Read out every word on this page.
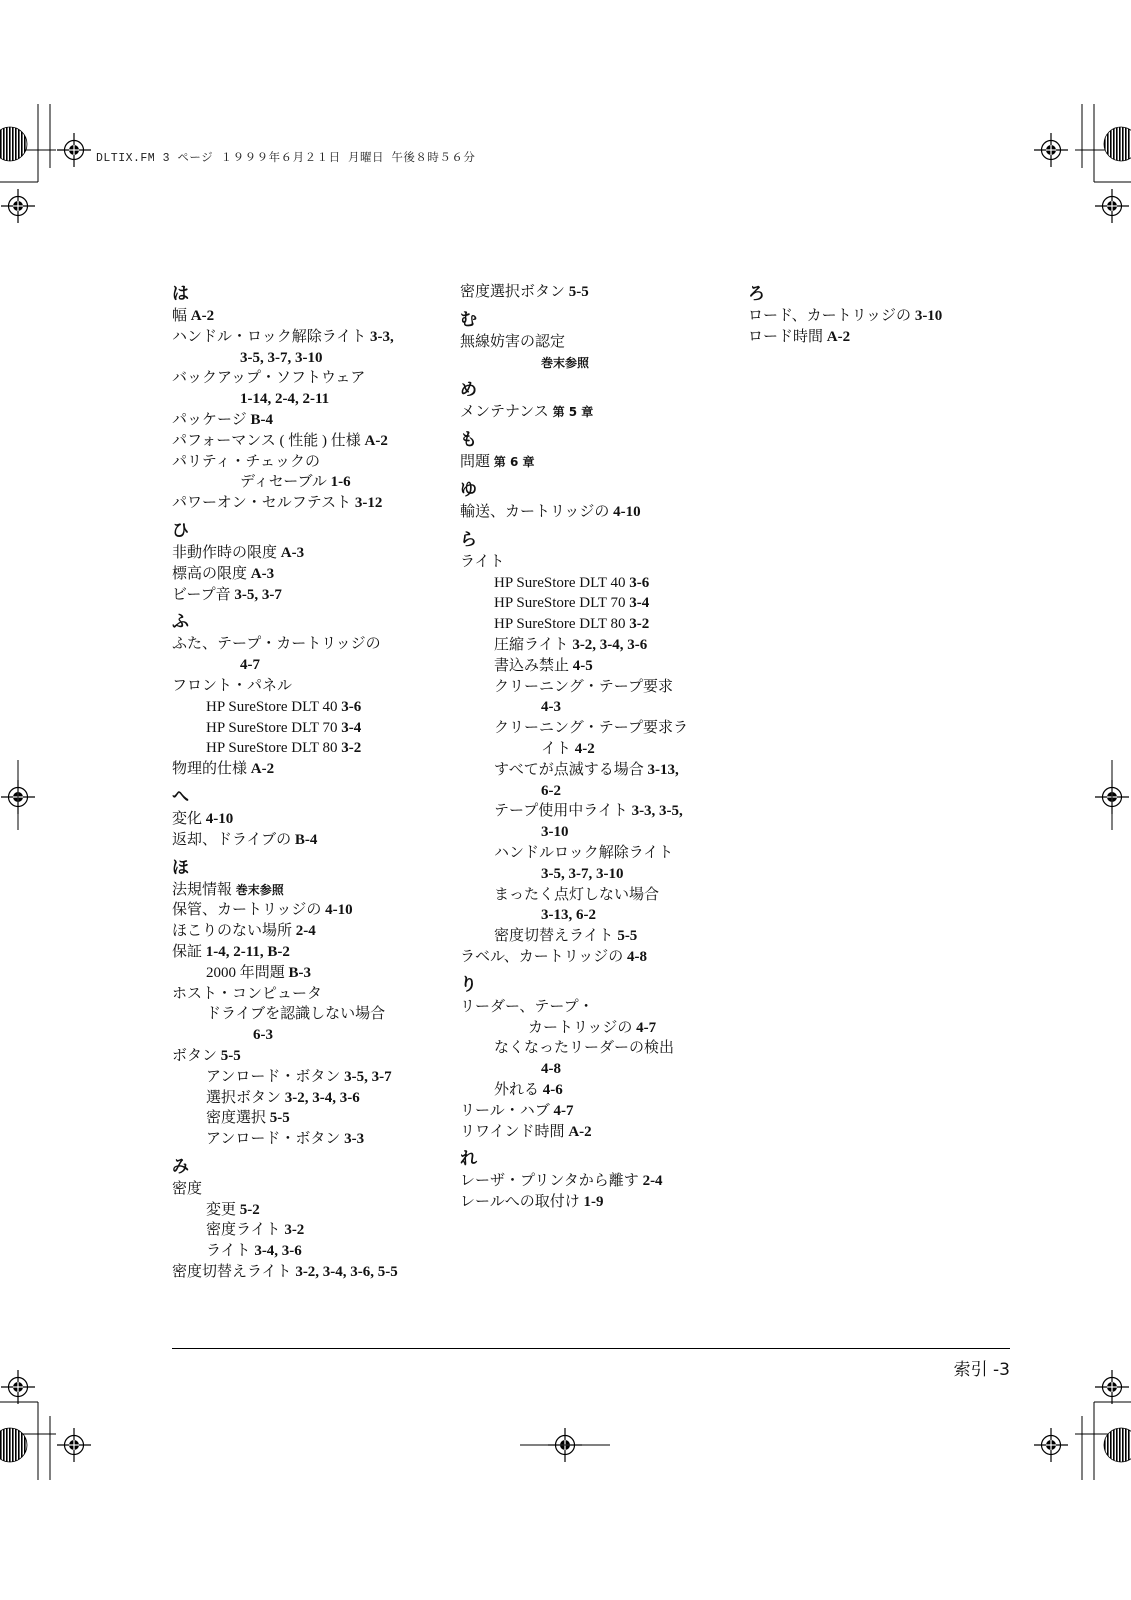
DLTIX.FM 3 ページ １９９９年６月２１日 月曜日 午後８時５６分
は
幅 A-2
ハンドル・ロック解除ライト 3-3,
3-5, 3-7, 3-10
バックアップ・ソフトウェア
1-14, 2-4, 2-11
パッケージ B-4
パフォーマンス ( 性能 ) 仕様 A-2
パリティ・チェックの
ディセーブル 1-6
パワーオン・セルフテスト 3-12
ひ
非動作時の限度 A-3
標高の限度 A-3
ビープ音 3-5, 3-7
ふ
ふた、テープ・カートリッジの
4-7
フロント・パネル
HP SureStore DLT 40 3-6
HP SureStore DLT 70 3-4
HP SureStore DLT 80 3-2
物理的仕様 A-2
へ
変化 4-10
返却、ドライブの B-4
ほ
法規情報 巻末参照
保管、カートリッジの 4-10
ほこりのない場所 2-4
保証 1-4, 2-11, B-2
2000 年問題 B-3
ホスト・コンピュータ
ドライブを認識しない場合
6-3
ボタン 5-5
アンロード・ボタン 3-5, 3-7
選択ボタン 3-2, 3-4, 3-6
密度選択 5-5
アンロード・ボタン 3-3
み
密度
変更 5-2
密度ライト 3-2
ライト 3-4, 3-6
密度切替えライト 3-2, 3-4, 3-6, 5-5
密度選択ボタン 5-5
む
無線妨害の認定
巻末参照
め
メンテナンス 第 5 章
も
問題 第 6 章
ゆ
輸送、カートリッジの 4-10
ら
ライト
HP SureStore DLT 40 3-6
HP SureStore DLT 70 3-4
HP SureStore DLT 80 3-2
圧縮ライト 3-2, 3-4, 3-6
書込み禁止 4-5
クリーニング・テープ要求
4-3
クリーニング・テープ要求ラ
イト 4-2
すべてが点滅する場合 3-13,
6-2
テープ使用中ライト 3-3, 3-5,
3-10
ハンドルロック解除ライト
3-5, 3-7, 3-10
まったく点灯しない場合
3-13, 6-2
密度切替えライト 5-5
ラベル、カートリッジの 4-8
り
リーダー、テープ・
カートリッジの 4-7
なくなったリーダーの検出
4-8
外れる 4-6
リール・ハブ 4-7
リワインド時間 A-2
れ
レーザ・プリンタから離す 2-4
レールへの取付け 1-9
ろ
ロード、カートリッジの 3-10
ロード時間 A-2
索引 -3
